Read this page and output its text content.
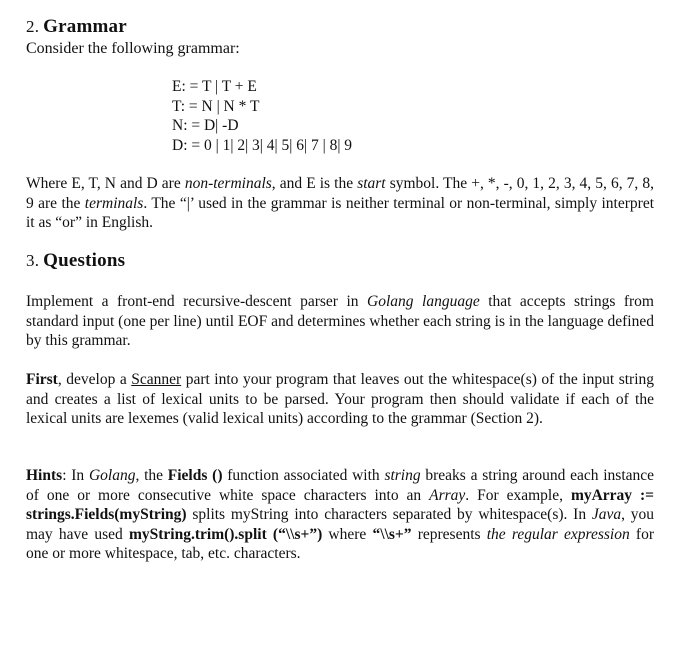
2. Grammar

Consider the following grammar:

E: = T | T + E
T: = N | N * T
N: = D| -D
D: = 0 | 1| 2| 3| 4| 5| 6| 7 | 8| 9

Where E, T, N and D are non-terminals, and E is the start symbol. The +, *, -, 0, 1, 2, 3, 4, 5, 6, 7, 8, 9 are the terminals. The “|’ used in the grammar is neither terminal or non-terminal, simply interpret it as “or” in English.

3. Questions

Implement a front-end recursive-descent parser in Golang language that accepts strings from standard input (one per line) until EOF and determines whether each string is in the language defined by this grammar.

First, develop a Scanner part into your program that leaves out the whitespace(s) of the input string and creates a list of lexical units to be parsed. Your program then should validate if each of the lexical units are lexemes (valid lexical units) according to the grammar (Section 2).

Hints: In Golang, the Fields () function associated with string breaks a string around each instance of one or more consecutive white space characters into an Array. For example, myArray := strings.Fields(myString) splits myString into characters separated by whitespace(s). In Java, you may have used myString.trim().split (“\\s+”) where “\\s+” represents the regular expression for one or more whitespace, tab, etc. characters.
